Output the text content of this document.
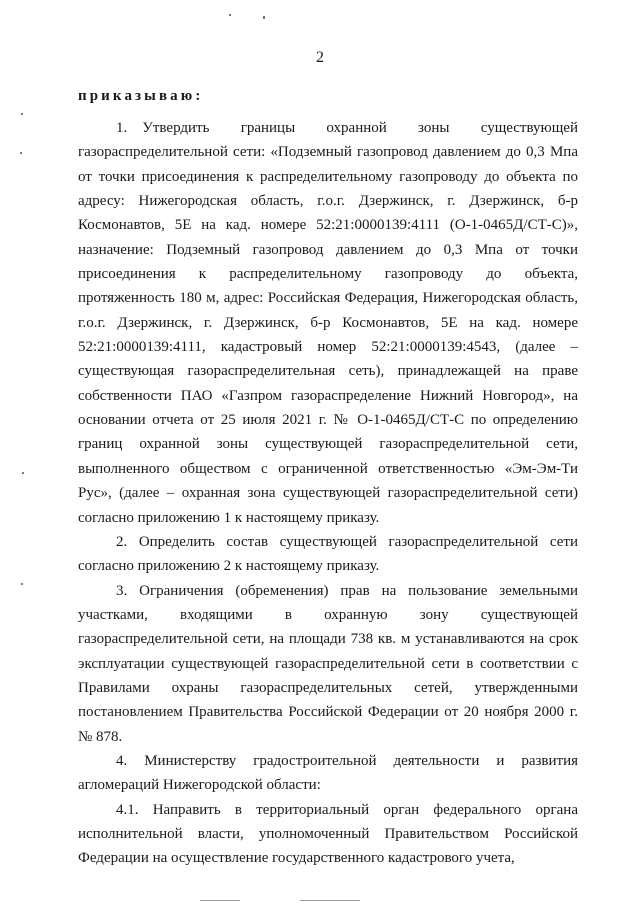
2
приказываю:

1. Утвердить границы охранной зоны существующей газораспределительной сети: «Подземный газопровод давлением до 0,3 Мпа от точки присоединения к распределительному газопроводу до объекта по адресу: Нижегородская область, г.о.г. Дзержинск, г. Дзержинск, б-р Космонавтов, 5Е на кад. номере 52:21:0000139:4111 (О-1-0465Д/СТ-С)», назначение: Подземный газопровод давлением до 0,3 Мпа от точки присоединения к распределительному газопроводу до объекта, протяженность 180 м, адрес: Российская Федерация, Нижегородская область, г.о.г. Дзержинск, г. Дзержинск, б-р Космонавтов, 5Е на кад. номере 52:21:0000139:4111, кадастровый номер 52:21:0000139:4543, (далее – существующая газораспределительная сеть), принадлежащей на праве собственности ПАО «Газпром газораспределение Нижний Новгород», на основании отчета от 25 июля 2021 г. № О-1-0465Д/СТ-С по определению границ охранной зоны существующей газораспределительной сети, выполненного обществом с ограниченной ответственностью «Эм-Эм-Ти Рус», (далее – охранная зона существующей газораспределительной сети) согласно приложению 1 к настоящему приказу.

2. Определить состав существующей газораспределительной сети согласно приложению 2 к настоящему приказу.

3. Ограничения (обременения) прав на пользование земельными участками, входящими в охранную зону существующей газораспределительной сети, на площади 738 кв. м устанавливаются на срок эксплуатации существующей газораспределительной сети в соответствии с Правилами охраны газораспределительных сетей, утвержденными постановлением Правительства Российской Федерации от 20 ноября 2000 г. № 878.

4. Министерству градостроительной деятельности и развития агломераций Нижегородской области:

4.1. Направить в территориальный орган федерального органа исполнительной власти, уполномоченный Правительством Российской Федерации на осуществление государственного кадастрового учета,
